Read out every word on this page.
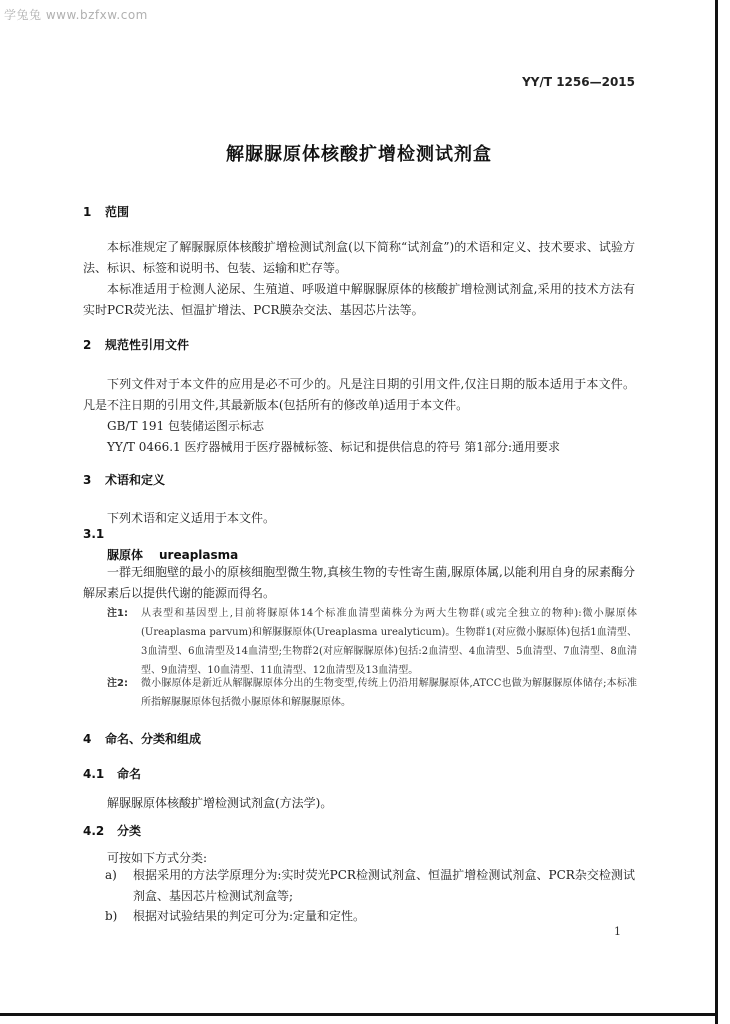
学兔兔 www.bzfxw.com
YY/T 1256—2015
解脲脲原体核酸扩增检测试剂盒
1 范围
本标准规定了解脲脲原体核酸扩增检测试剂盒(以下简称“试剂盒”)的术语和定义、技术要求、试验方法、标识、标签和说明书、包装、运输和贮存等。
本标准适用于检测人泌尿、生殖道、呼吸道中解脲脲原体的核酸扩增检测试剂盒,采用的技术方法有实时PCR荧光法、恒温扩增法、PCR膜杂交法、基因芯片法等。
2 规范性引用文件
下列文件对于本文件的应用是必不可少的。凡是注日期的引用文件,仅注日期的版本适用于本文件。凡是不注日期的引用文件,其最新版本(包括所有的修改单)适用于本文件。
GB/T 191 包装储运图示标志
YY/T 0466.1 医疗器械用于医疗器械标签、标记和提供信息的符号 第1部分:通用要求
3 术语和定义
下列术语和定义适用于本文件。
3.1
脲原体 ureaplasma
一群无细胞壁的最小的原核细胞型微生物,真核生物的专性寄生菌,脲原体属,以能利用自身的尿素酶分解尿素后以提供代谢的能源而得名。
注1: 从表型和基因型上,目前将脲原体14个标准血清型菌株分为两大生物群(或完全独立的物种):微小脲原体(Ureaplasma parvum)和解脲脲原体(Ureaplasma urealyticum)。生物群1(对应微小脲原体)包括1血清型、3血清型、6血清型及14血清型;生物群2(对应解脲脲原体)包括:2血清型、4血清型、5血清型、7血清型、8血清型、9血清型、10血清型、11血清型、12血清型及13血清型。
注2: 微小脲原体是新近从解脲脲原体分出的生物变型,传统上仍沿用解脲脲原体,ATCC也做为解脲脲原体储存;本标准所指解脲脲原体包括微小脲原体和解脲脲原体。
4 命名、分类和组成
4.1 命名
解脲脲原体核酸扩增检测试剂盒(方法学)。
4.2 分类
可按如下方式分类:
a) 根据采用的方法学原理分为:实时荧光PCR检测试剂盒、恒温扩增检测试剂盒、PCR杂交检测试剂盒、基因芯片检测试剂盒等;
b) 根据对试验结果的判定可分为:定量和定性。
1
